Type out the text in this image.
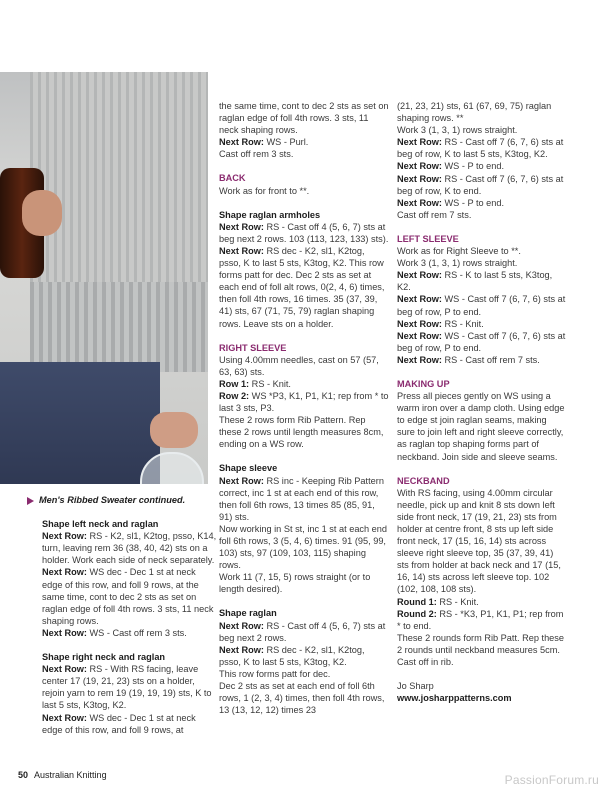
Men's Ribbed Sweater continued.

Shape left neck and raglan

Next Row: RS - K2, sl1, K2tog, psso, K14, turn, leaving rem 36 (38, 40, 42) sts on a holder. Work each side of neck separately.

Next Row: WS dec - Dec 1 st at neck edge of this row, and foll 9 rows, at the same time, cont to dec 2 sts as set on raglan edge of foll 4th rows. 3 sts, 11 neck shaping rows.

Next Row: WS - Cast off rem 3 sts.

Shape right neck and raglan

Next Row: RS - With RS facing, leave center 17 (19, 21, 23) sts on a holder, rejoin yarn to rem 19 (19, 19, 19) sts, K to last 5 sts, K3tog, K2.

Next Row: WS dec - Dec 1 st at neck edge of this row, and foll 9 rows, at

the same time, cont to dec 2 sts as set on raglan edge of foll 4th rows. 3 sts, 11 neck shaping rows.

Next Row: WS - Purl.

Cast off rem 3 sts.

BACK

Work as for front to **.

Shape raglan armholes

Next Row: RS - Cast off 4 (5, 6, 7) sts at beg next 2 rows. 103 (113, 123, 133) sts).

Next Row: RS dec - K2, sl1, K2tog, psso, K to last 5 sts, K3tog, K2. This row forms patt for dec. Dec 2 sts as set at each end of foll alt rows, 0(2, 4, 6) times, then foll 4th rows, 16 times. 35 (37, 39, 41) sts, 67 (71, 75, 79) raglan shaping rows. Leave sts on a holder.

RIGHT SLEEVE

Using 4.00mm needles, cast on 57 (57, 63, 63) sts.

Row 1: RS - Knit.

Row 2: WS *P3, K1, P1, K1; rep from * to last 3 sts, P3.

These 2 rows form Rib Pattern. Rep these 2 rows until length measures 8cm, ending on a WS row.

Shape sleeve

Next Row: RS inc - Keeping Rib Pattern correct, inc 1 st at each end of this row, then foll 6th rows, 13 times 85 (85, 91, 91) sts.

Now working in St st, inc 1 st at each end foll 6th rows, 3 (5, 4, 6) times. 91 (95, 99, 103) sts, 97 (109, 103, 115) shaping rows.

Work 11 (7, 15, 5) rows straight (or to length desired).

Shape raglan

Next Row: RS - Cast off 4 (5, 6, 7) sts at beg next 2 rows.

Next Row: RS dec - K2, sl1, K2tog, psso, K to last 5 sts, K3tog, K2.

This row forms patt for dec.

Dec 2 sts as set at each end of foll 6th rows, 1 (2, 3, 4) times, then foll 4th rows, 13 (13, 12, 12) times 23

(21, 23, 21) sts, 61 (67, 69, 75) raglan shaping rows. **

Work 3 (1, 3, 1) rows straight.

Next Row: RS - Cast off 7 (6, 7, 6) sts at beg of row, K to last 5 sts, K3tog, K2.

Next Row: WS - P to end.

Next Row: RS - Cast off 7 (6, 7, 6) sts at beg of row, K to end.

Next Row: WS - P to end.

Cast off rem 7 sts.

LEFT SLEEVE

Work as for Right Sleeve to **.

Work 3 (1, 3, 1) rows straight.

Next Row: RS - K to last 5 sts, K3tog, K2.

Next Row: WS - Cast off 7 (6, 7, 6) sts at beg of row, P to end.

Next Row: RS - Knit.

Next Row: WS - Cast off 7 (6, 7, 6) sts at beg of row, P to end.

Next Row: RS - Cast off rem 7 sts.

MAKING UP

Press all pieces gently on WS using a warm iron over a damp cloth. Using edge to edge st join raglan seams, making sure to join left and right sleeve correctly, as raglan top shaping forms part of neckband. Join side and sleeve seams.

NECKBAND

With RS facing, using 4.00mm circular needle, pick up and knit 8 sts down left side front neck, 17 (19, 21, 23) sts from holder at centre front, 8 sts up left side front neck, 17 (15, 16, 14) sts across sleeve right sleeve top, 35 (37, 39, 41) sts from holder at back neck and 17 (15, 16, 14) sts across left sleeve top. 102 (102, 108, 108 sts).

Round 1: RS - Knit.

Round 2: RS - *K3, P1, K1, P1; rep from * to end.

These 2 rounds form Rib Patt. Rep these 2 rounds until neckband measures 5cm. Cast off in rib.

Jo Sharp

www.josharppatterns.com

50 Australian Knitting	PassionForum.ru
